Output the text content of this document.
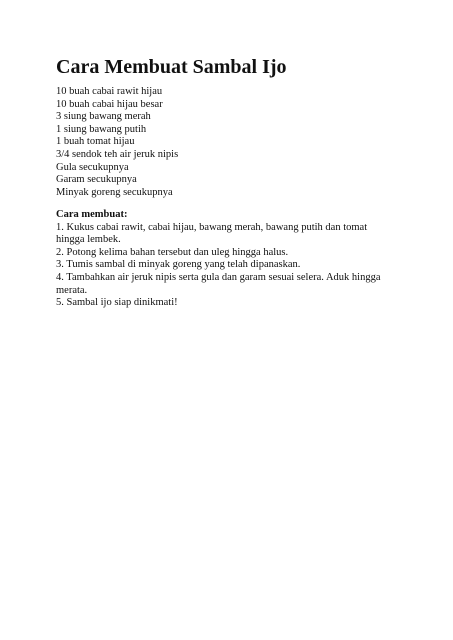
Cara Membuat Sambal Ijo
10 buah cabai rawit hijau
10 buah cabai hijau besar
3 siung bawang merah
1 siung bawang putih
1 buah tomat hijau
3/4 sendok teh air jeruk nipis
Gula secukupnya
Garam secukupnya
Minyak goreng secukupnya

Cara membuat:

1. Kukus cabai rawit, cabai hijau, bawang merah, bawang putih dan tomat hingga lembek.
2. Potong kelima bahan tersebut dan uleg hingga halus.
3. Tumis sambal di minyak goreng yang telah dipanaskan.
4. Tambahkan air jeruk nipis serta gula dan garam sesuai selera. Aduk hingga merata.
5. Sambal ijo siap dinikmati!
